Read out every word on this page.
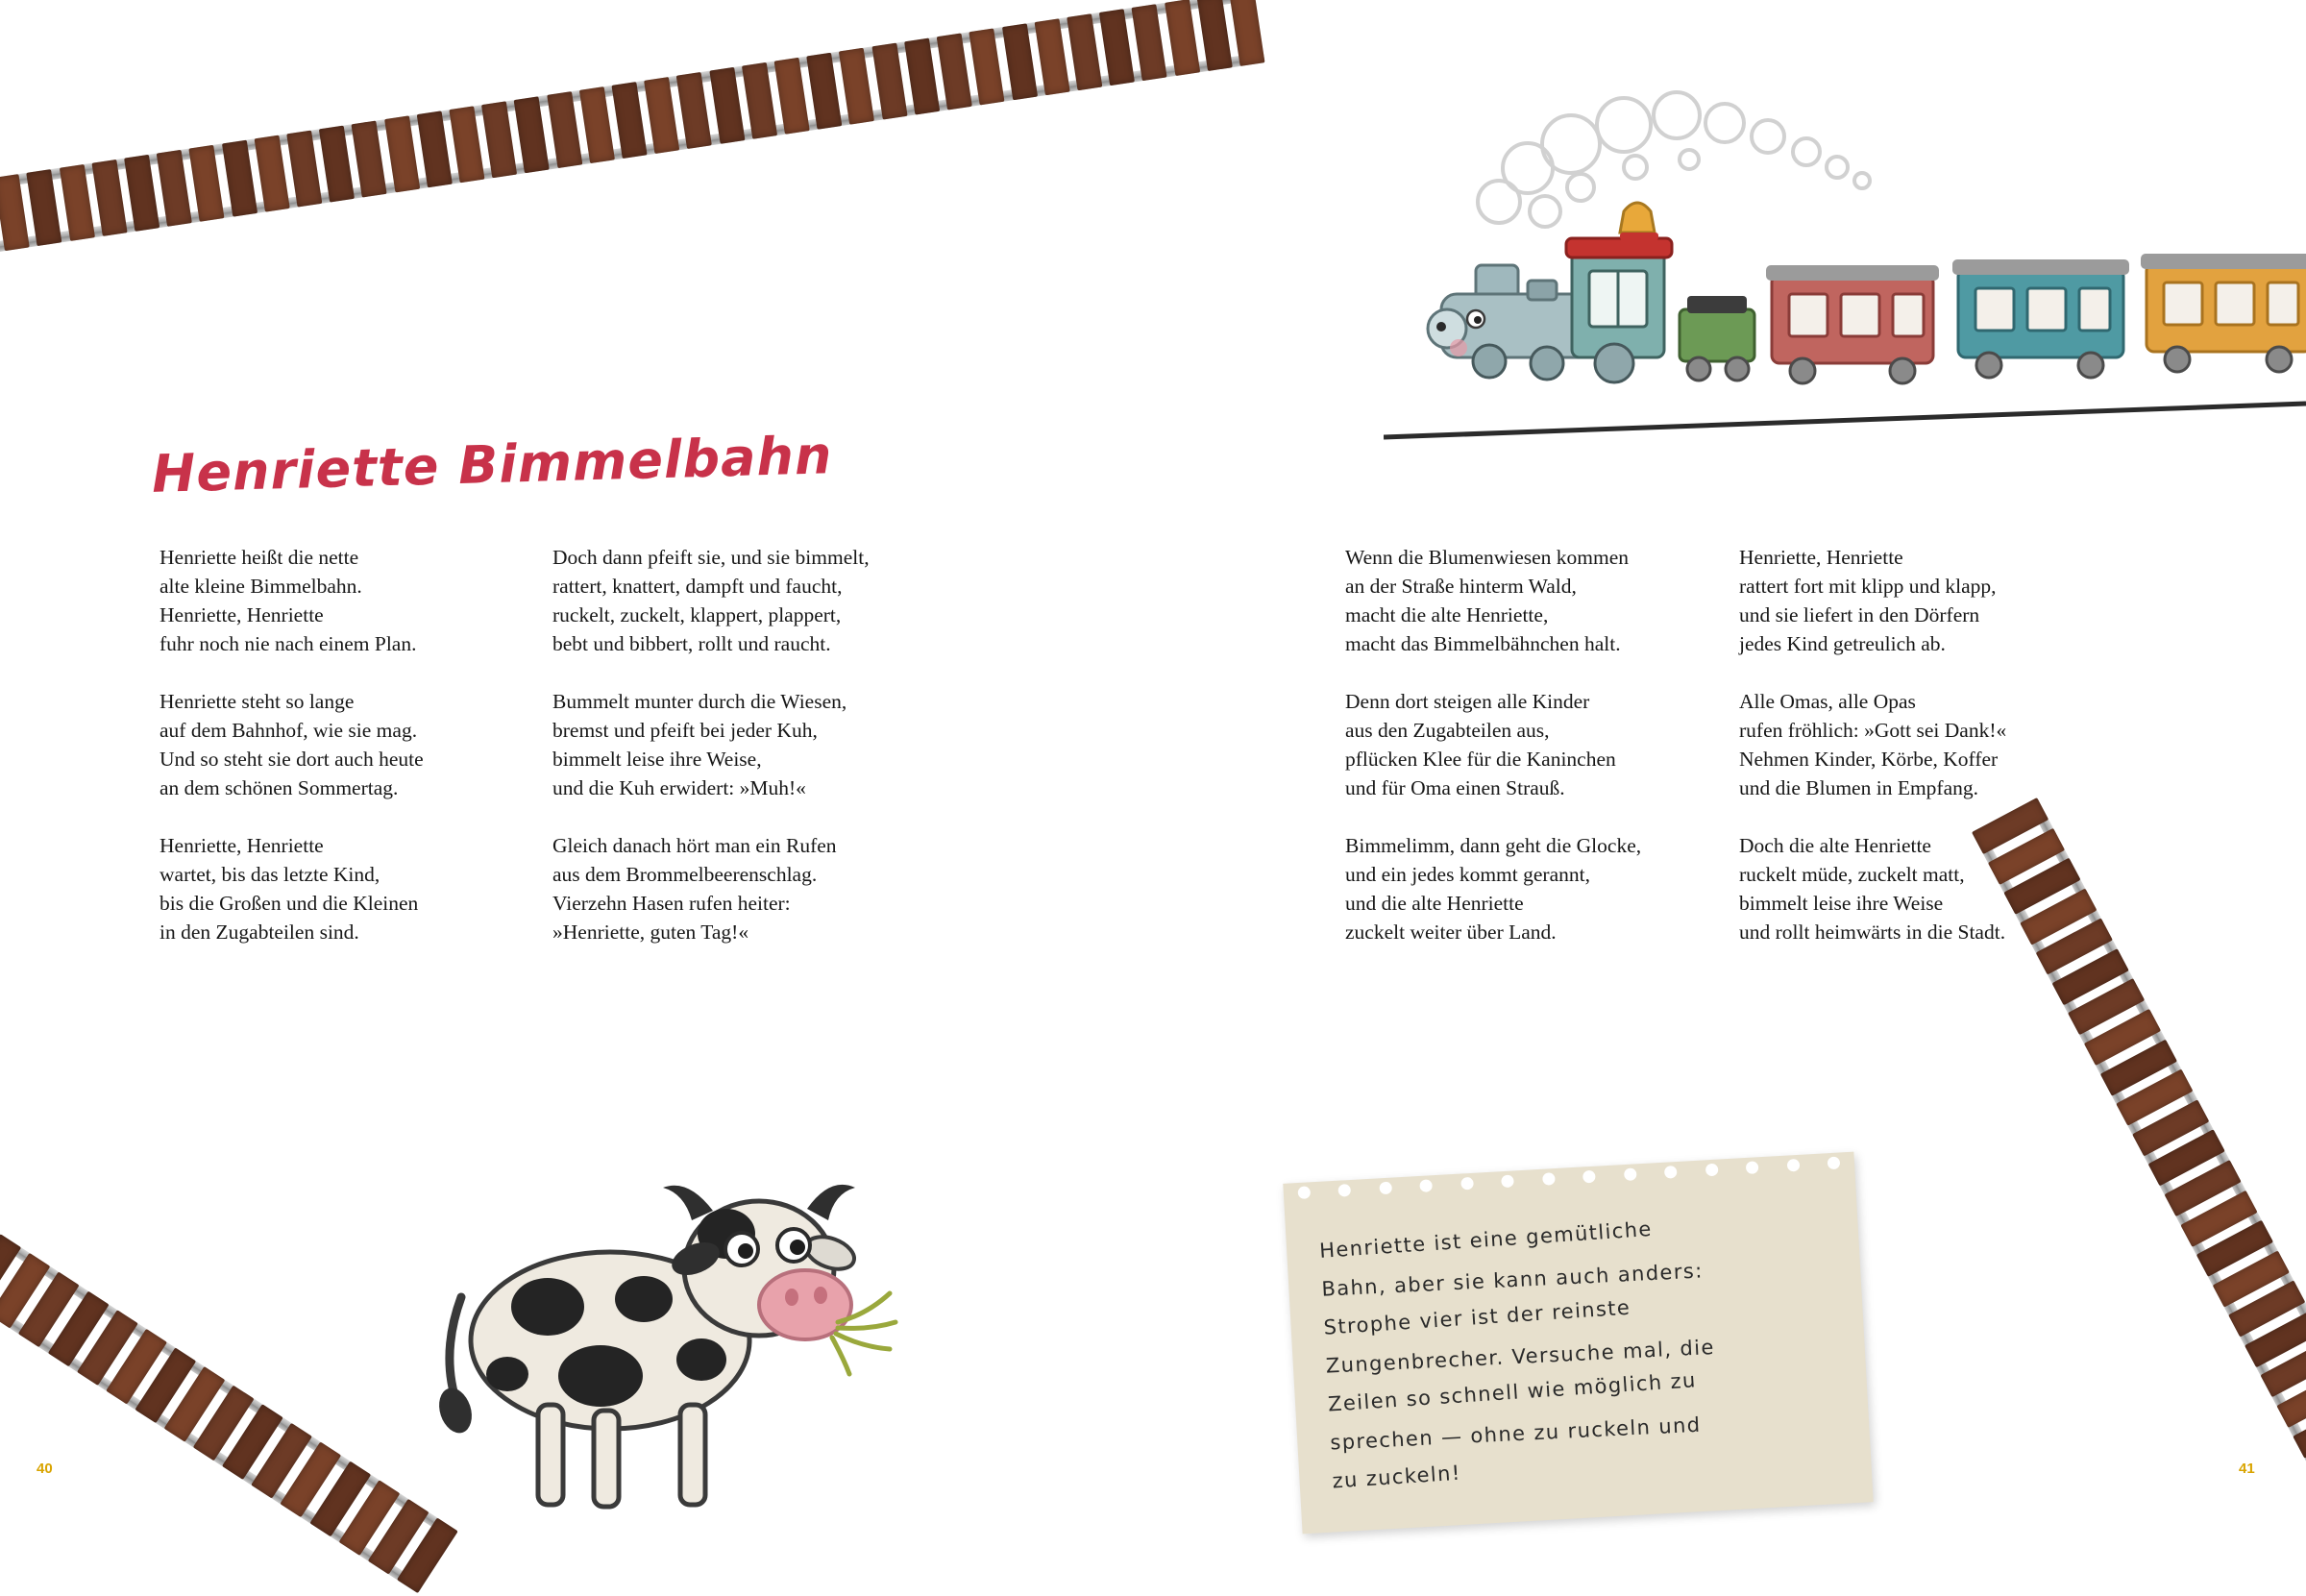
Henriette Bimmelbahn
Henriette heißt die nette
alte kleine Bimmelbahn.
Henriette, Henriette
fuhr noch nie nach einem Plan.
Henriette steht so lange
auf dem Bahnhof, wie sie mag.
Und so steht sie dort auch heute
an dem schönen Sommertag.
Henriette, Henriette
wartet, bis das letzte Kind,
bis die Großen und die Kleinen
in den Zugabteilen sind.
Doch dann pfeift sie, und sie bimmelt,
rattert, knattert, dampft und faucht,
ruckelt, zuckelt, klappert, plappert,
bebt und bibbert, rollt und raucht.
Bummelt munter durch die Wiesen,
bremst und pfeift bei jeder Kuh,
bimmelt leise ihre Weise,
und die Kuh erwidert: »Muh!«
Gleich danach hört man ein Rufen
aus dem Brommelbeerenschlag.
Vierzehn Hasen rufen heiter:
»Henriette, guten Tag!«
Wenn die Blumenwiesen kommen
an der Straße hinterm Wald,
macht die alte Henriette,
macht das Bimmelbähnchen halt.
Denn dort steigen alle Kinder
aus den Zugabteilen aus,
pflücken Klee für die Kaninchen
und für Oma einen Strauß.
Bimmelimm, dann geht die Glocke,
und ein jedes kommt gerannt,
und die alte Henriette
zuckelt weiter über Land.
Henriette, Henriette
rattert fort mit klipp und klapp,
und sie liefert in den Dörfern
jedes Kind getreulich ab.
Alle Omas, alle Opas
rufen fröhlich: »Gott sei Dank!«
Nehmen Kinder, Körbe, Koffer
und die Blumen in Empfang.
Doch die alte Henriette
ruckelt müde, zuckelt matt,
bimmelt leise ihre Weise
und rollt heimwärts in die Stadt.
Henriette ist eine gemütliche
Bahn, aber sie kann auch anders:
Strophe vier ist der reinste
Zungenbrecher. Versuche mal, die
Zeilen so schnell wie möglich zu
sprechen — ohne zu ruckeln und
zu zuckeln!
40	41
